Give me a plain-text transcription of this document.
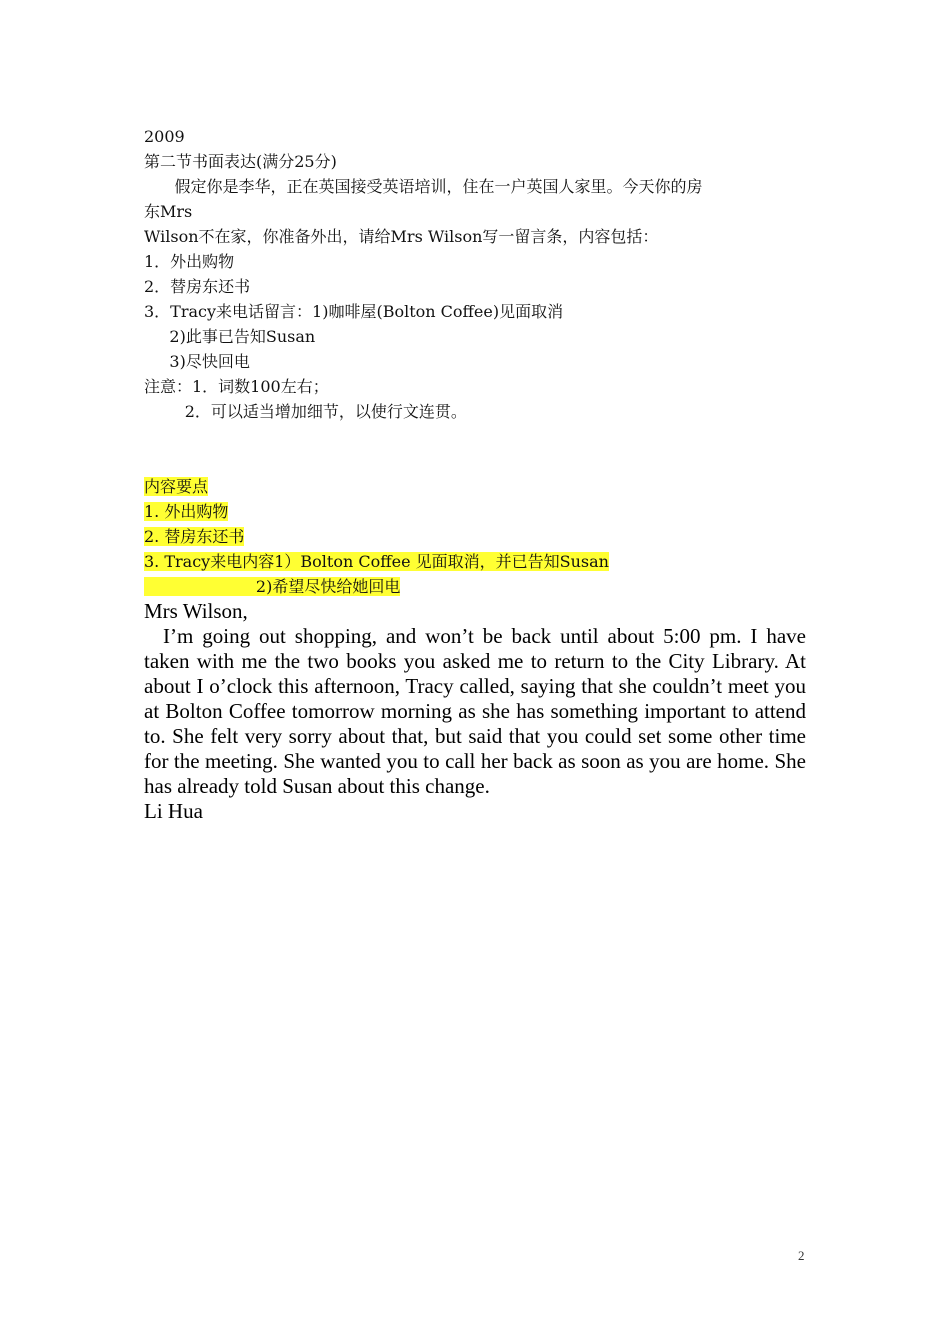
2009
第二节书面表达(满分25分)
假定你是李华，正在英国接受英语培训，住在一户英国人家里。今天你的房
东Mrs
Wilson不在家，你准备外出，请给Mrs Wilson写一留言条，内容包括：
1．外出购物
2．替房东还书
3．Tracy来电话留言：1)咖啡屋(Bolton Coffee)见面取消
2)此事已告知Susan
3)尽快回电
注意：1．词数100左右；
2．可以适当增加细节，以使行文连贯。
内容要点
1. 外出购物
2. 替房东还书
3. Tracy来电内容1）Bolton Coffee 见面取消，并已告知Susan
2)希望尽快给她回电
Mrs Wilson,
I’m going out shopping, and won’t be back until about 5:00 pm. I have taken with me the two books you asked me to return to the City Library. At about I o’clock this afternoon, Tracy called, saying that she couldn’t meet you at Bolton Coffee tomorrow morning as she has something important to attend to. She felt very sorry about that, but said that you could set some other time for the meeting. She wanted you to call her back as soon as you are home. She has already told Susan about this change.
Li Hua
2
